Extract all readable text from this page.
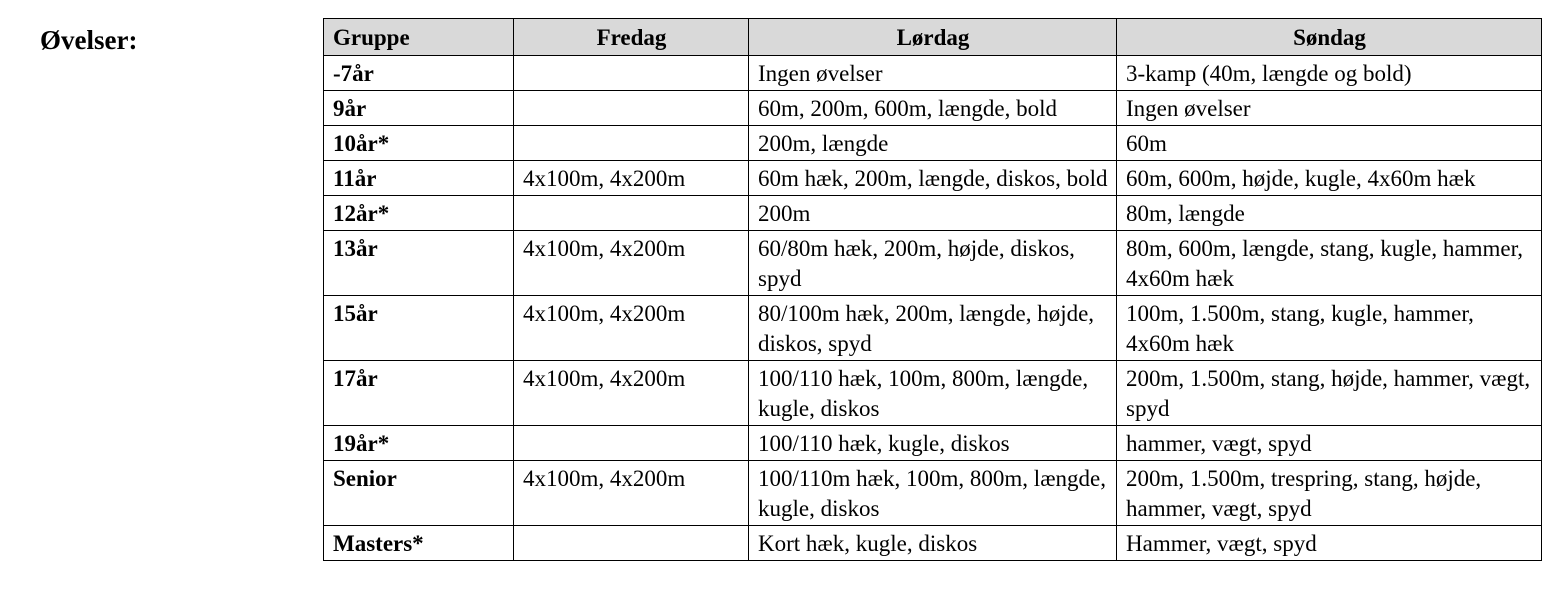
Øvelser:	Gruppe	Fredag	Lørdag	Søndag
-7år		Ingen øvelser	3-kamp (40m, længde og bold)
9år		60m, 200m, 600m, længde, bold	Ingen øvelser
10år*		200m, længde	60m
11år	4x100m, 4x200m	60m hæk, 200m, længde, diskos, bold	60m, 600m, højde, kugle, 4x60m hæk
12år*		200m	80m, længde
13år	4x100m, 4x200m	60/80m hæk, 200m, højde, diskos, spyd	80m, 600m, længde, stang, kugle, hammer, 4x60m hæk
15år	4x100m, 4x200m	80/100m hæk, 200m, længde, højde, diskos, spyd	100m, 1.500m, stang, kugle, hammer, 4x60m hæk
17år	4x100m, 4x200m	100/110 hæk, 100m, 800m, længde, kugle, diskos	200m, 1.500m, stang, højde, hammer, vægt, spyd
19år*		100/110 hæk, kugle, diskos	hammer, vægt, spyd
Senior	4x100m, 4x200m	100/110m hæk, 100m, 800m, længde, kugle, diskos	200m, 1.500m, trespring, stang, højde, hammer, vægt, spyd
Masters*		Kort hæk, kugle, diskos	Hammer, vægt, spyd
